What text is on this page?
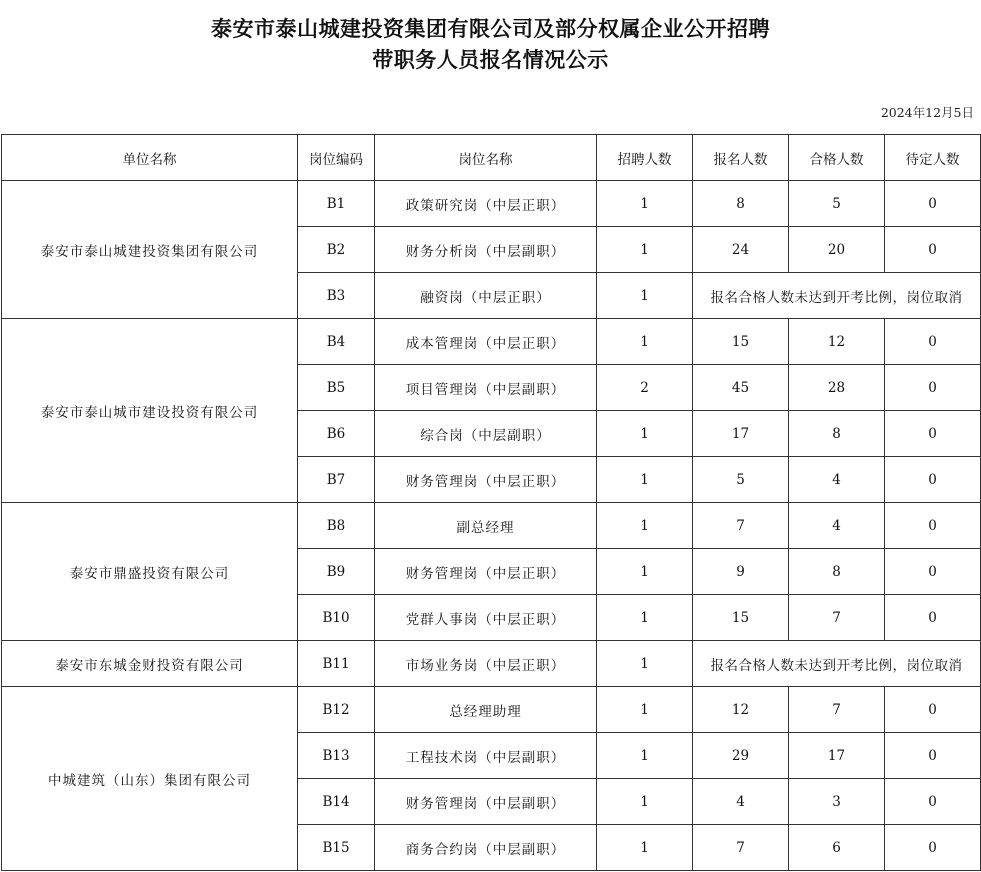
泰安市泰山城建投资集团有限公司及部分权属企业公开招聘
带职务人员报名情况公示
2024年12月5日
单位名称	岗位编码	岗位名称	招聘人数	报名人数	合格人数	待定人数
泰安市泰山城建投资集团有限公司	B1	政策研究岗（中层正职）	1	8	5	0
	B2	财务分析岗（中层副职）	1	24	20	0
	B3	融资岗（中层正职）	1	报名合格人数未达到开考比例，岗位取消		
泰安市泰山城市建设投资有限公司	B4	成本管理岗（中层正职）	1	15	12	0
	B5	项目管理岗（中层副职）	2	45	28	0
	B6	综合岗（中层副职）	1	17	8	0
	B7	财务管理岗（中层正职）	1	5	4	0
泰安市鼎盛投资有限公司	B8	副总经理	1	7	4	0
	B9	财务管理岗（中层正职）	1	9	8	0
	B10	党群人事岗（中层正职）	1	15	7	0
泰安市东城金财投资有限公司	B11	市场业务岗（中层正职）	1	报名合格人数未达到开考比例，岗位取消		
中城建筑（山东）集团有限公司	B12	总经理助理	1	12	7	0
	B13	工程技术岗（中层副职）	1	29	17	0
	B14	财务管理岗（中层副职）	1	4	3	0
	B15	商务合约岗（中层副职）	1	7	6	0
